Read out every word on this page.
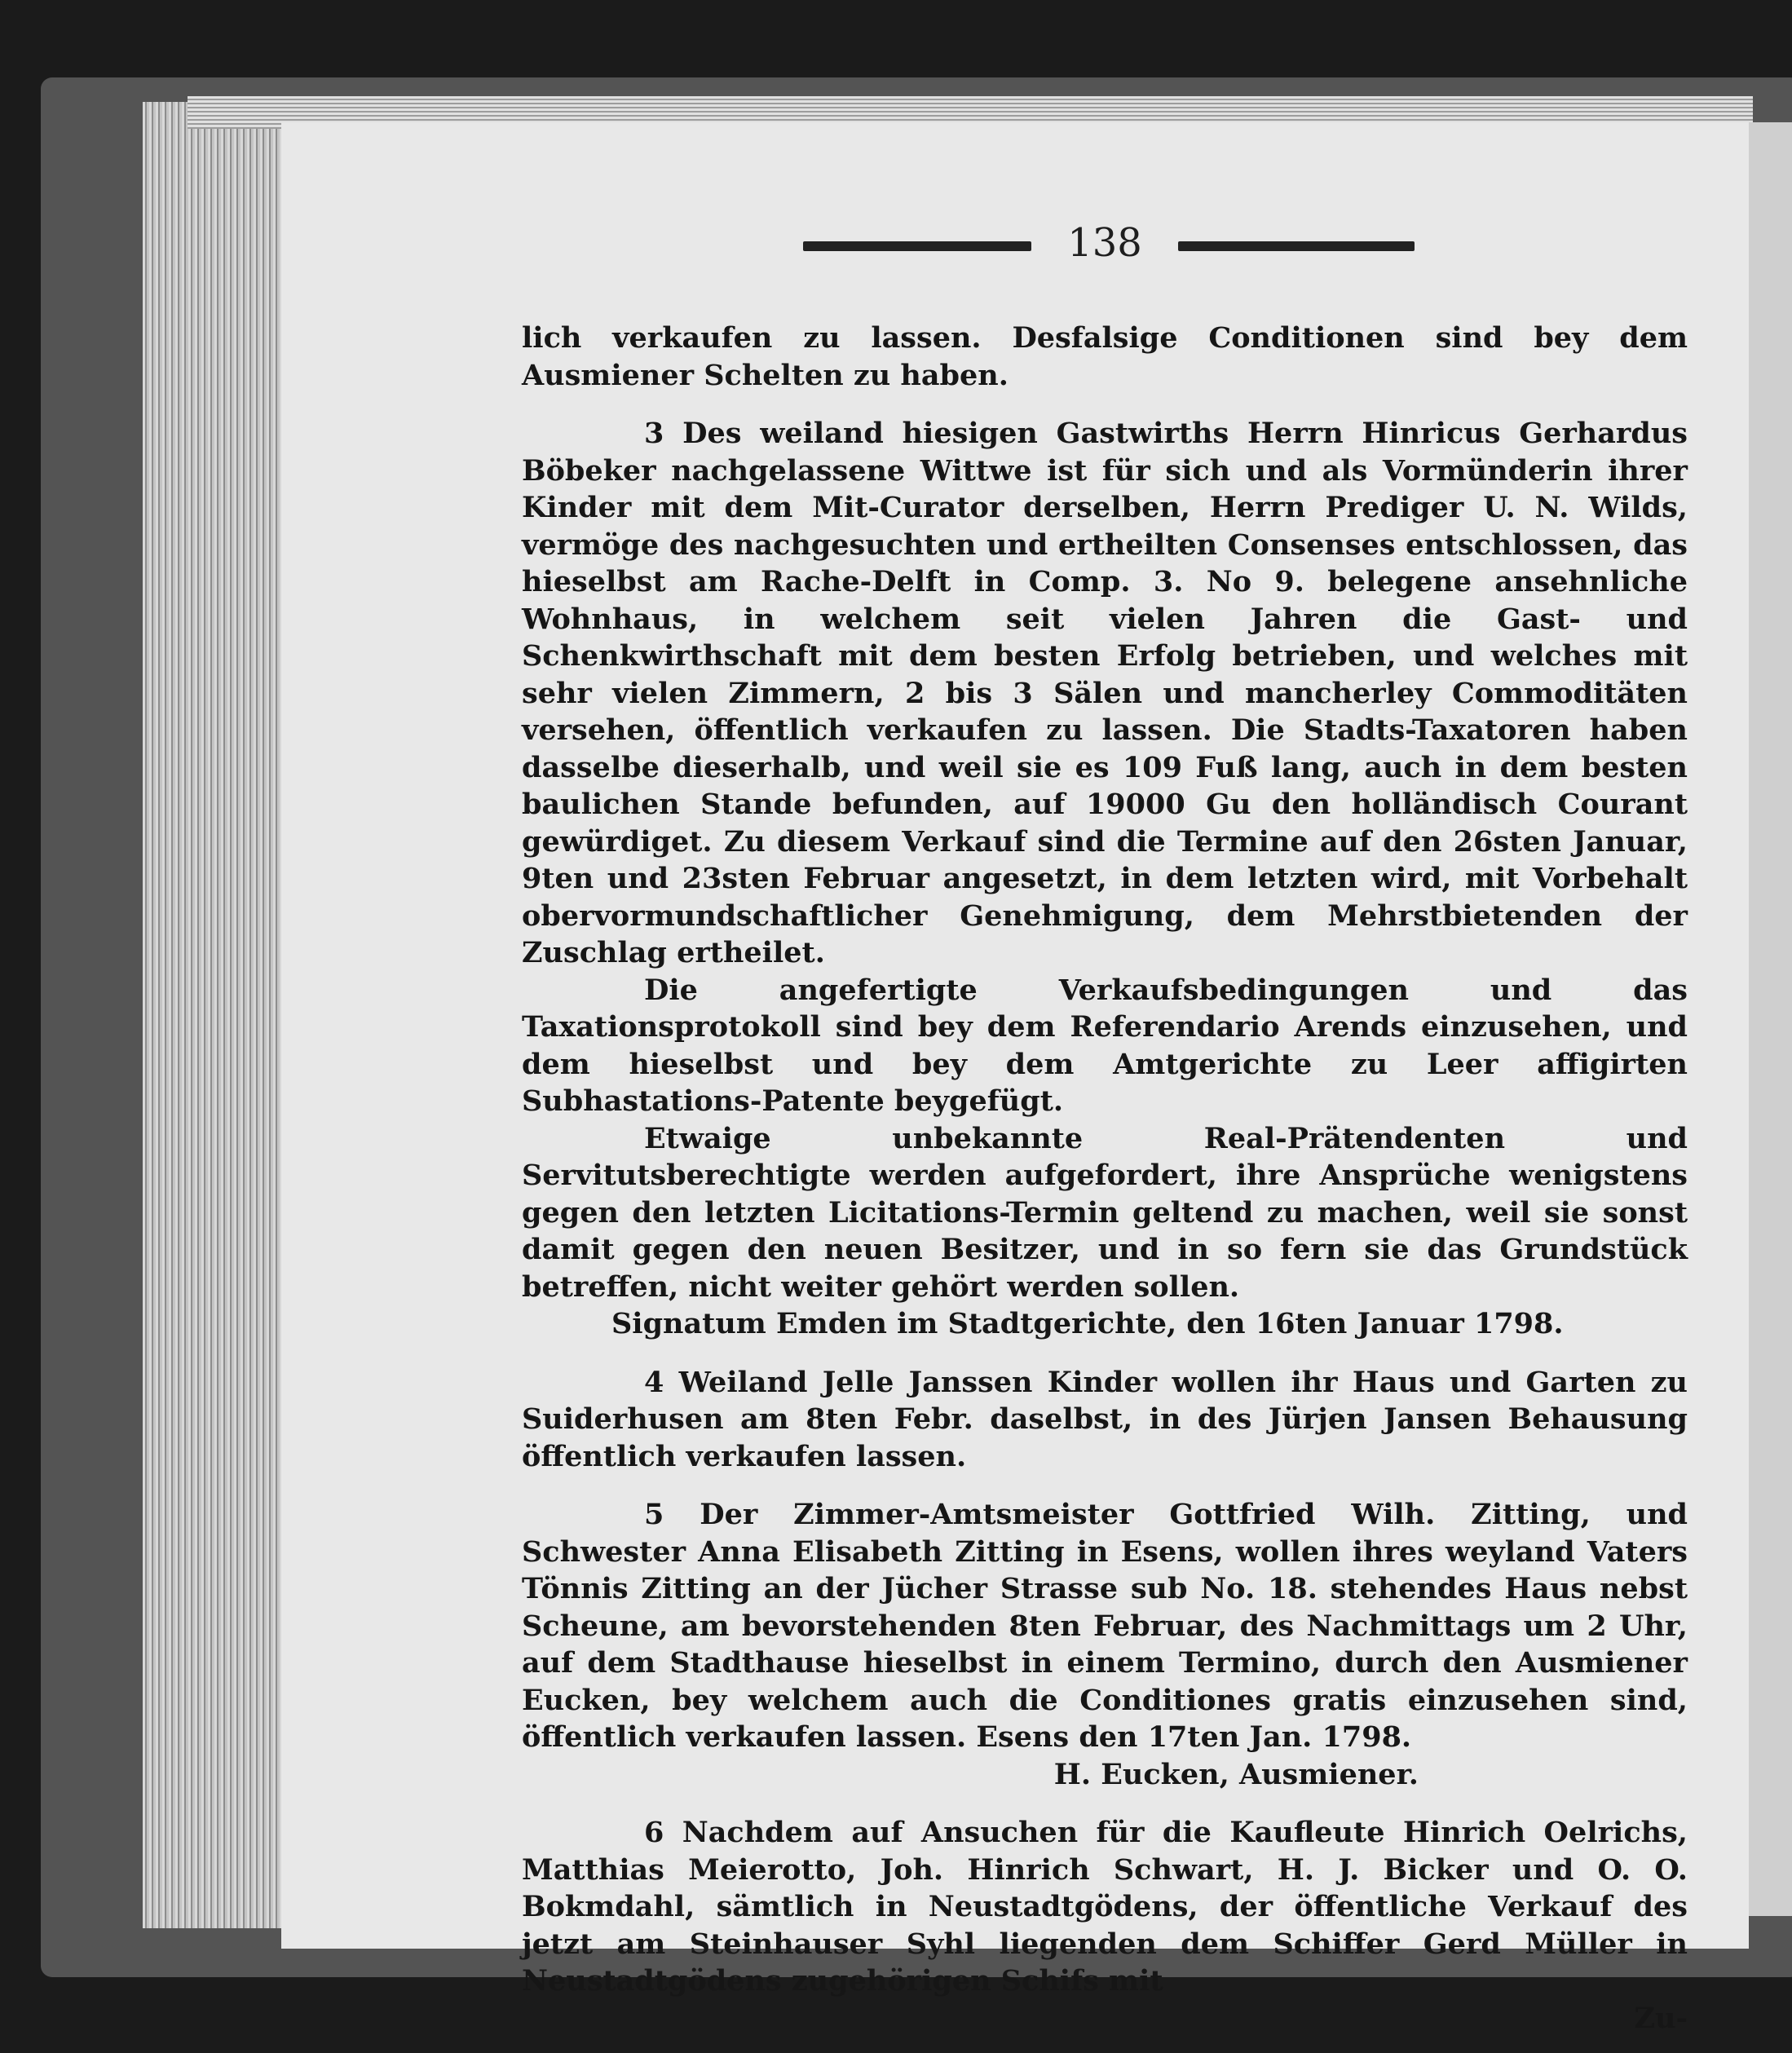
138

lich verkaufen zu lassen. Desfalsige Conditionen sind bey dem Ausmiener Schelten zu haben.

3 Des weiland hiesigen Gastwirths Herrn Hinricus Gerhardus Böbeker nachgelassene Wittwe ist für sich und als Vormünderin ihrer Kinder mit dem Mit-Curator derselben, Herrn Prediger U. N. Wilds, vermöge des nachgesuchten und ertheilten Consenses entschlossen, das hieselbst am Rache-Delft in Comp. 3. No 9. belegene ansehnliche Wohnhaus, in welchem seit vielen Jahren die Gast- und Schenkwirthschaft mit dem besten Erfolg betrieben, und welches mit sehr vielen Zimmern, 2 bis 3 Sälen und mancherley Commoditäten versehen, öffentlich verkaufen zu lassen. Die Stadts-Taxatoren haben dasselbe dieserhalb, und weil sie es 109 Fuß lang, auch in dem besten baulichen Stande befunden, auf 19000 Gu den holländisch Courant gewürdiget. Zu diesem Verkauf sind die Termine auf den 26sten Januar, 9ten und 23sten Februar angesetzt, in dem letzten wird, mit Vorbehalt obervormundschaftlicher Genehmigung, dem Mehrstbietenden der Zuschlag ertheilet.

Die angefertigte Verkaufsbedingungen und das Taxationsprotokoll sind bey dem Referendario Arends einzusehen, und dem hieselbst und bey dem Amtgerichte zu Leer affigirten Subhastations-Patente beygefügt.

Etwaige unbekannte Real-Prätendenten und Servitutsberechtigte werden aufgefordert, ihre Ansprüche wenigstens gegen den letzten Licitations-Termin geltend zu machen, weil sie sonst damit gegen den neuen Besitzer, und in so fern sie das Grundstück betreffen, nicht weiter gehört werden sollen.

Signatum Emden im Stadtgerichte, den 16ten Januar 1798.

4 Weiland Jelle Janssen Kinder wollen ihr Haus und Garten zu Suiderhusen am 8ten Febr. daselbst, in des Jürjen Jansen Behausung öffentlich verkaufen lassen.

5 Der Zimmer-Amtsmeister Gottfried Wilh. Zitting, und Schwester Anna Elisabeth Zitting in Esens, wollen ihres weyland Vaters Tönnis Zitting an der Jücher Strasse sub No. 18. stehendes Haus nebst Scheune, am bevorstehenden 8ten Februar, des Nachmittags um 2 Uhr, auf dem Stadthause hieselbst in einem Termino, durch den Ausmiener Eucken, bey welchem auch die Conditiones gratis einzusehen sind, öffentlich verkaufen lassen. Esens den 17ten Jan. 1798.

H. Eucken, Ausmiener.

6 Nachdem auf Ansuchen für die Kaufleute Hinrich Oelrichs, Matthias Meierotto, Joh. Hinrich Schwart, H. J. Bicker und O. O. Bokmdahl, sämtlich in Neustadtgödens, der öffentliche Verkauf des jetzt am Steinhauser Syhl liegenden dem Schiffer Gerd Müller in Neustadtgödens zugehörigen Schifs mit

Zu-
